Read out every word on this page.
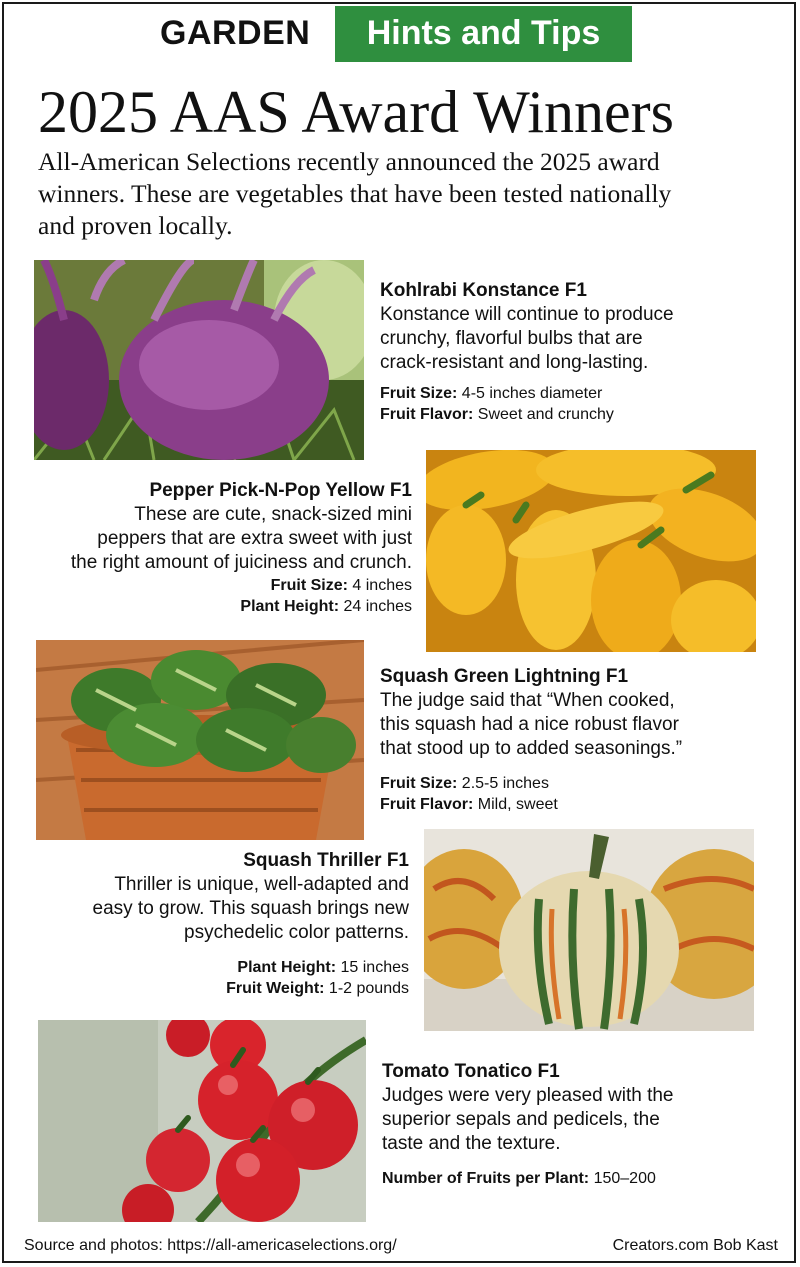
GARDEN	Hints and Tips
2025 AAS Award Winners
All-American Selections recently announced the 2025 award
winners. These are vegetables that have been tested nationally
and proven locally.
Kohlrabi Konstance F1
Konstance will continue to produce
crunchy, flavorful bulbs that are
crack-resistant and long-lasting.
Fruit Size: 4-5 inches diameter
Fruit Flavor: Sweet and crunchy
Pepper Pick-N-Pop Yellow F1
These are cute, snack-sized mini
peppers that are extra sweet with just
the right amount of juiciness and crunch.
Fruit Size: 4 inches
Plant Height: 24 inches
Squash Green Lightning F1
The judge said that “When cooked,
this squash had a nice robust flavor
that stood up to added seasonings.”
Fruit Size: 2.5-5 inches
Fruit Flavor: Mild, sweet
Squash Thriller F1
Thriller is unique, well-adapted and
easy to grow. This squash brings new
psychedelic color patterns.
Plant Height: 15 inches
Fruit Weight: 1-2 pounds
Tomato Tonatico F1
Judges were very pleased with the
superior sepals and pedicels, the
taste and the texture.
Number of Fruits per Plant: 150–200
Source and photos: https://all-americaselections.org/	Creators.com Bob Kast
